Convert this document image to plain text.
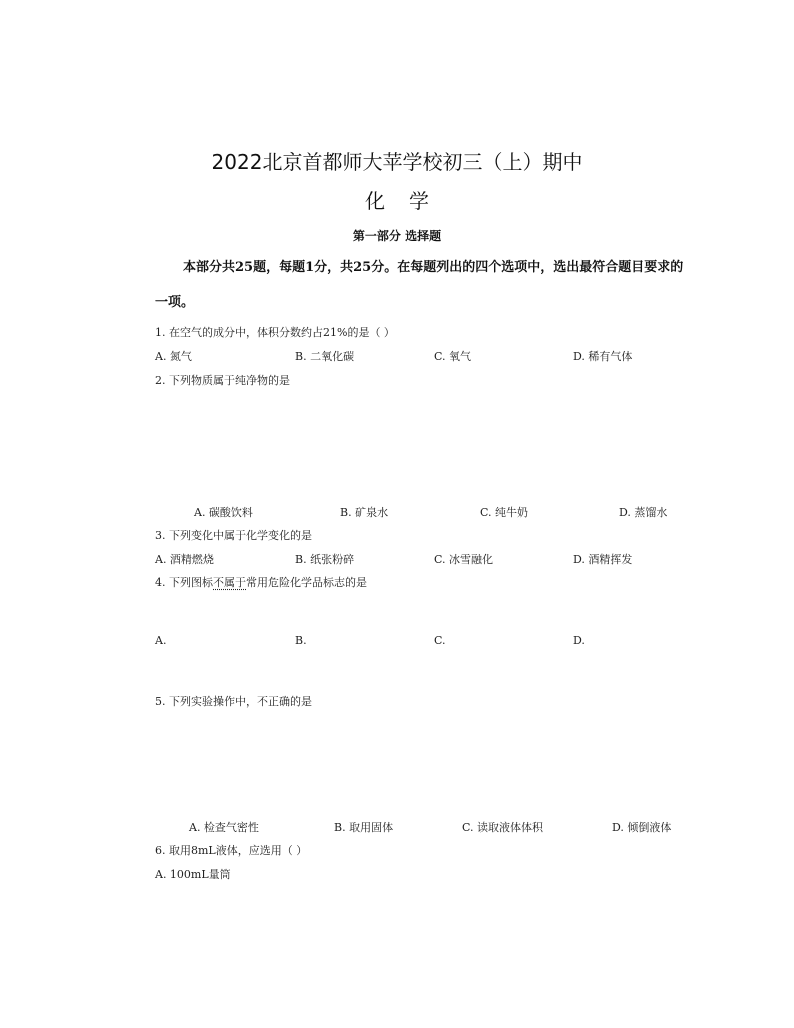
2022北京首都师大苹学校初三（上）期中
化学
第一部分 选择题
本部分共25题，每题1分，共25分。在每题列出的四个选项中，选出最符合题目要求的
一项。
1. 在空气的成分中，体积分数约占21%的是（ ）
A. 氮气	B. 二氧化碳	C. 氧气	D. 稀有气体
2. 下列物质属于纯净物的是
A. 碳酸饮料	B. 矿泉水	C. 纯牛奶	D. 蒸馏水
3. 下列变化中属于化学变化的是
A. 酒精燃烧	B. 纸张粉碎	C. 冰雪融化	D. 酒精挥发
4. 下列图标不属于常用危险化学品标志的是
A.	B.	C.	D.
5. 下列实验操作中，不正确的是
A. 检查气密性	B. 取用固体	C. 读取液体体积	D. 倾倒液体
6. 取用8mL液体，应选用（ ）
A. 100mL量筒
